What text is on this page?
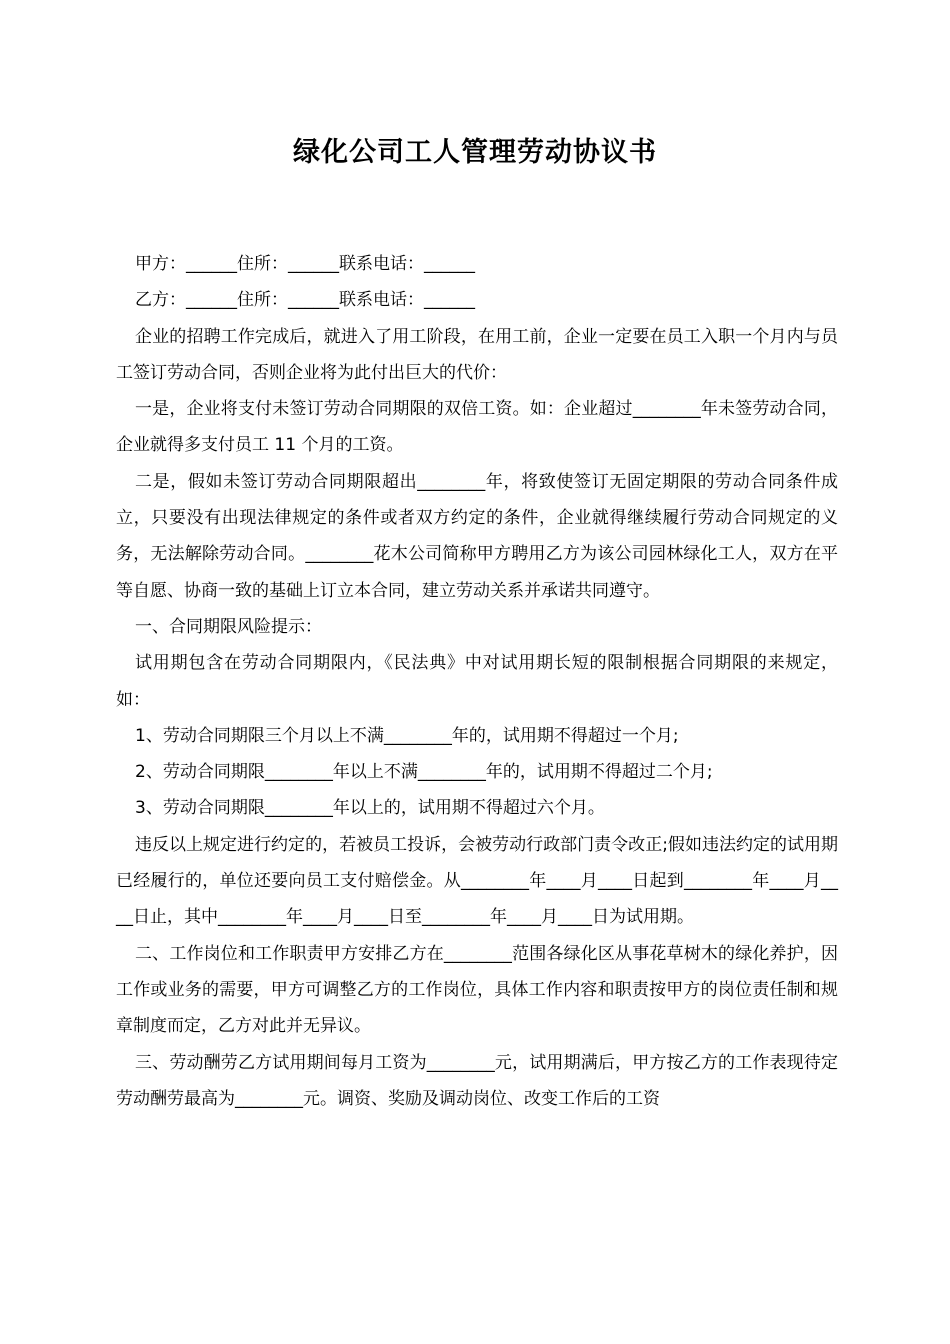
绿化公司工人管理劳动协议书

甲方：______住所：______联系电话：______

乙方：______住所：______联系电话：______

企业的招聘工作完成后，就进入了用工阶段，在用工前，企业一定要在员工入职一个月内与员工签订劳动合同，否则企业将为此付出巨大的代价：

一是，企业将支付未签订劳动合同期限的双倍工资。如：企业超过________年未签劳动合同，企业就得多支付员工 11 个月的工资。

二是，假如未签订劳动合同期限超出________年，将致使签订无固定期限的劳动合同条件成立，只要没有出现法律规定的条件或者双方约定的条件，企业就得继续履行劳动合同规定的义务，无法解除劳动合同。________花木公司简称甲方聘用乙方为该公司园林绿化工人，双方在平等自愿、协商一致的基础上订立本合同，建立劳动关系并承诺共同遵守。

一、合同期限风险提示：

试用期包含在劳动合同期限内，《民法典》中对试用期长短的限制根据合同期限的来规定，如：

1、劳动合同期限三个月以上不满________年的，试用期不得超过一个月;

2、劳动合同期限________年以上不满________年的，试用期不得超过二个月;

3、劳动合同期限________年以上的，试用期不得超过六个月。

违反以上规定进行约定的，若被员工投诉，会被劳动行政部门责令改正;假如违法约定的试用期已经履行的，单位还要向员工支付赔偿金。从________年____月____日起到________年____月____日止，其中________年____月____日至________年____月____日为试用期。

二、工作岗位和工作职责甲方安排乙方在________范围各绿化区从事花草树木的绿化养护，因工作或业务的需要，甲方可调整乙方的工作岗位，具体工作内容和职责按甲方的岗位责任制和规章制度而定，乙方对此并无异议。

三、劳动酬劳乙方试用期间每月工资为________元，试用期满后，甲方按乙方的工作表现待定劳动酬劳最高为________元。调资、奖励及调动岗位、改变工作后的工资
